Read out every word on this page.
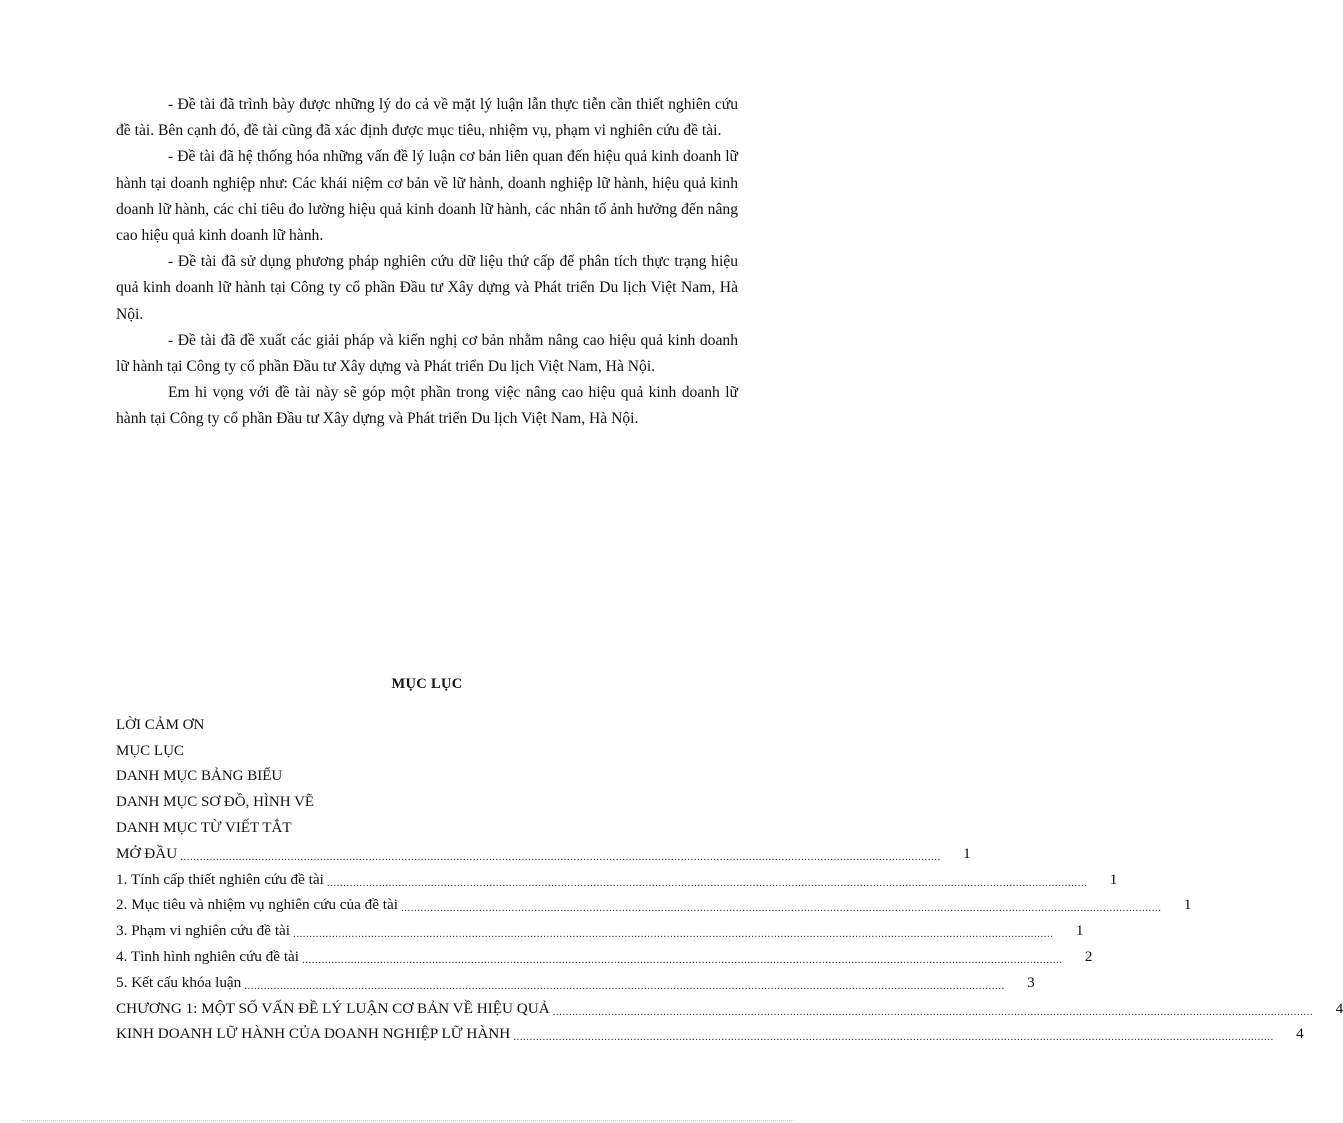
- Đề tài đã trình bày được những lý do cả về mặt lý luận lẫn thực tiễn cần thiết nghiên cứu đề tài. Bên cạnh đó, đề tài cũng đã xác định được mục tiêu, nhiệm vụ, phạm vi nghiên cứu đề tài.

- Đề tài đã hệ thống hóa những vấn đề lý luận cơ bản liên quan đến hiệu quả kinh doanh lữ hành tại doanh nghiệp như: Các khái niệm cơ bản về lữ hành, doanh nghiệp lữ hành, hiệu quả kinh doanh lữ hành, các chỉ tiêu đo lường hiệu quả kinh doanh lữ hành, các nhân tố ảnh hưởng đến nâng cao hiệu quả kinh doanh lữ hành.

- Đề tài đã sử dụng phương pháp nghiên cứu dữ liệu thứ cấp để phân tích thực trạng hiệu quả kinh doanh lữ hành tại Công ty cổ phần Đầu tư Xây dựng và Phát triển Du lịch Việt Nam, Hà Nội.

- Đề tài đã đề xuất các giải pháp và kiến nghị cơ bản nhằm nâng cao hiệu quả kinh doanh lữ hành tại Công ty cổ phần Đầu tư Xây dựng và Phát triển Du lịch Việt Nam, Hà Nội.

Em hi vọng với đề tài này sẽ góp một phần trong việc nâng cao hiệu quả kinh doanh lữ hành tại Công ty cổ phần Đầu tư Xây dựng và Phát triển Du lịch Việt Nam, Hà Nội.

MỤC LỤC
LỜI CẢM ƠN
MỤC LỤC
DANH MỤC BẢNG BIỂU
DANH MỤC SƠ ĐỒ, HÌNH VẼ
DANH MỤC TỪ VIẾT TẮT
MỞ ĐẦU .......................................................................................................................................................................................................................................... 1
1. Tính cấp thiết nghiên cứu đề tài .......................................................................................................................................................................................................................................... 1
2. Mục tiêu và nhiệm vụ nghiên cứu của đề tài .......................................................................................................................................................................................................................................... 1
3. Phạm vi nghiên cứu đề tài .......................................................................................................................................................................................................................................... 1
4. Tình hình nghiên cứu đề tài .......................................................................................................................................................................................................................................... 2
5. Kết cấu khóa luận .......................................................................................................................................................................................................................................... 3
CHƯƠNG 1: MỘT SỐ VẤN ĐỀ LÝ LUẬN CƠ BẢN VỀ HIỆU QUẢ .......................................................................................................................................................................................................................................... 4
KINH DOANH LỮ HÀNH CỦA DOANH NGHIỆP LỮ HÀNH .......................................................................................................................................................................................................................................... 4
